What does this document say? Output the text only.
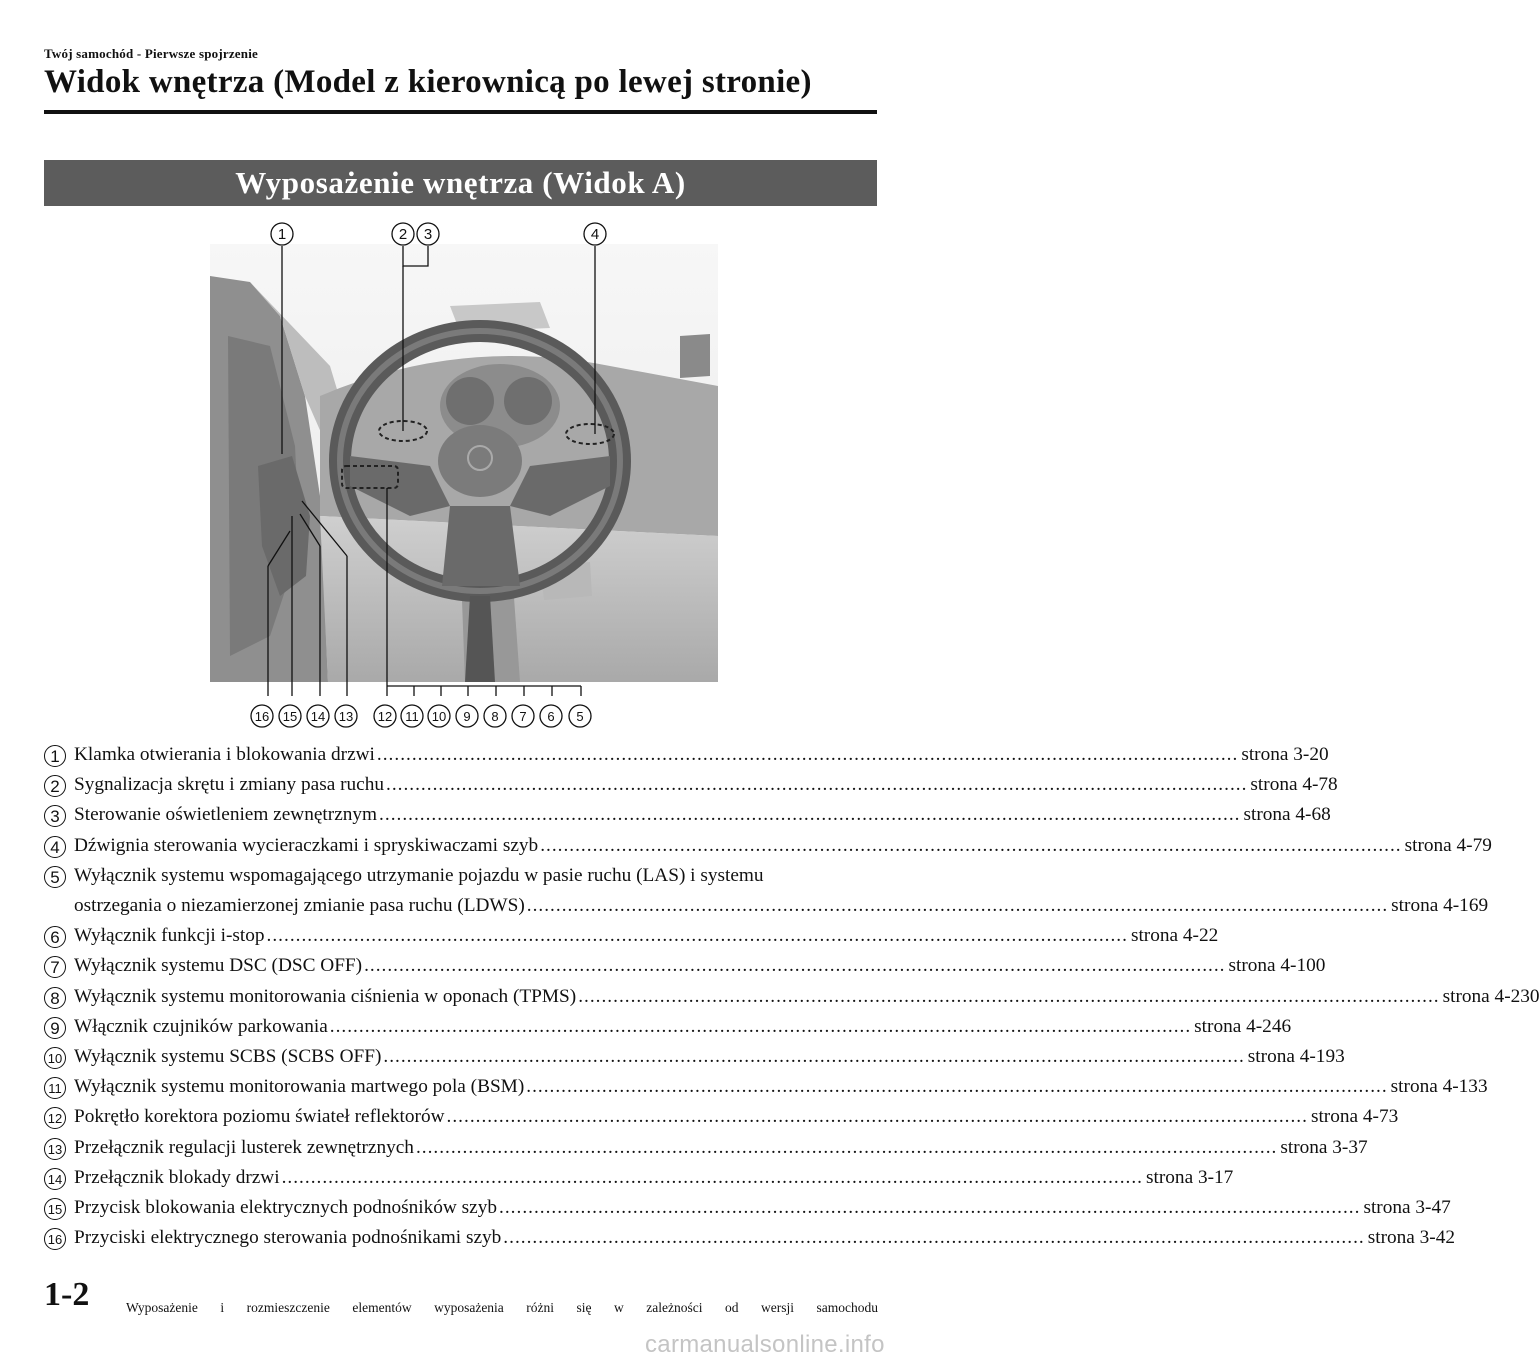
Twój samochód - Pierwsze spojrzenie
Widok wnętrza (Model z kierownicą po lewej stronie)
Wyposażenie wnętrza (Widok A)
1	2 3	4
16 15 14 13 12 11 10 9 8 7 6 5
1 Klamka otwierania i blokowania drzwi .................................................................................................................................................... strona 3-20
2 Sygnalizacja skrętu i zmiany pasa ruchu .................................................................................................................................................... strona 4-78
3 Sterowanie oświetleniem zewnętrznym .................................................................................................................................................... strona 4-68
4 Dźwignia sterowania wycieraczkami i spryskiwaczami szyb .................................................................................................................................................... strona 4-79
5 Wyłącznik systemu wspomagającego utrzymanie pojazdu w pasie ruchu (LAS) i systemu
ostrzegania o niezamierzonej zmianie pasa ruchu (LDWS) .................................................................................................................................................... strona 4-169
6 Wyłącznik funkcji i-stop .................................................................................................................................................... strona 4-22
7 Wyłącznik systemu DSC (DSC OFF) .................................................................................................................................................... strona 4-100
8 Wyłącznik systemu monitorowania ciśnienia w oponach (TPMS) .................................................................................................................................................... strona 4-230
9 Włącznik czujników parkowania .................................................................................................................................................... strona 4-246
10 Wyłącznik systemu SCBS (SCBS OFF) .................................................................................................................................................... strona 4-193
11 Wyłącznik systemu monitorowania martwego pola (BSM) .................................................................................................................................................... strona 4-133
12 Pokrętło korektora poziomu świateł reflektorów .................................................................................................................................................... strona 4-73
13 Przełącznik regulacji lusterek zewnętrznych .................................................................................................................................................... strona 3-37
14 Przełącznik blokady drzwi .................................................................................................................................................... strona 3-17
15 Przycisk blokowania elektrycznych podnośników szyb .................................................................................................................................................... strona 3-47
16 Przyciski elektrycznego sterowania podnośnikami szyb .................................................................................................................................................... strona 3-42
1-2	Wyposażenie i rozmieszczenie elementów wyposażenia różni się w zależności od wersji samochodu
carmanualsonline.info
